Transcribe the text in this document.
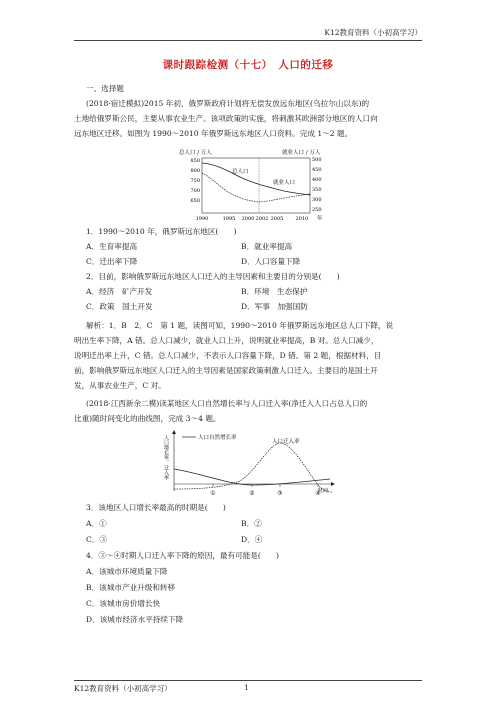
K12教育资料（小初高学习）
课时跟踪检测（十七）　人口的迁移
一、选择题
(2018·宿迁模拟)2015 年初，俄罗斯政府计划将无偿发放远东地区(乌拉尔山以东)的
土地给俄罗斯公民，主要从事农业生产。该项政策的实施，将刺激其欧洲部分地区的人口向
远东地区迁移。如图为 1990～2010 年俄罗斯远东地区人口资料。完成 1～2 题。
总人口 / 万人	就业人口 / 万人
850
800
750
700
650
500
450
400
350
300
250
总人口
就业人口
1990	1995 2000 2002 2005 2010 年
1．1990～2010 年，俄罗斯远东地区(　　)
A．生育率提高	B．就业率提高
C．迁出率下降	D．人口容量下降
2．目前，影响俄罗斯远东地区人口迁入的主导因素和主要目的分别是(　　)
A．经济　矿产开发	B．环境　生态保护
C．政策　国土开发	D．军事　加强国防
解析：1．B　2．C　第 1 题，读图可知，1990～2010 年俄罗斯远东地区总人口下降，说
明出生率下降，A 错。总人口减少，就业人口上升，说明就业率提高，B 对。总人口减少，
说明迁出率上升，C 错。总人口减少，不表示人口容量下降，D 错。第 2 题，根据材料，目
前，影响俄罗斯远东地区人口迁入的主导因素是国家政策刺激人口迁入。主要目的是国土开
发，从事农业生产，C 对。
(2018·江西新余二模)读某地区人口自然增长率与人口迁入率(净迁入人口占总人口的
比重)随时间变化的曲线图，完成 3～4 题。
人口增长率、迁入率	人口自然增长率
人口迁入率
①	②	③	④
时间
3．该地区人口增长率最高的时期是(　　)
A．①	B．②
C．③	D．④
4．③～④时期人口迁入率下降的原因，最有可能是(　　)
A．该城市环境质量下降
B．该城市产业升级和转移
C．该城市房价增长快
D．该城市经济水平持续下降
K12教育资料（小初高学习）	1
